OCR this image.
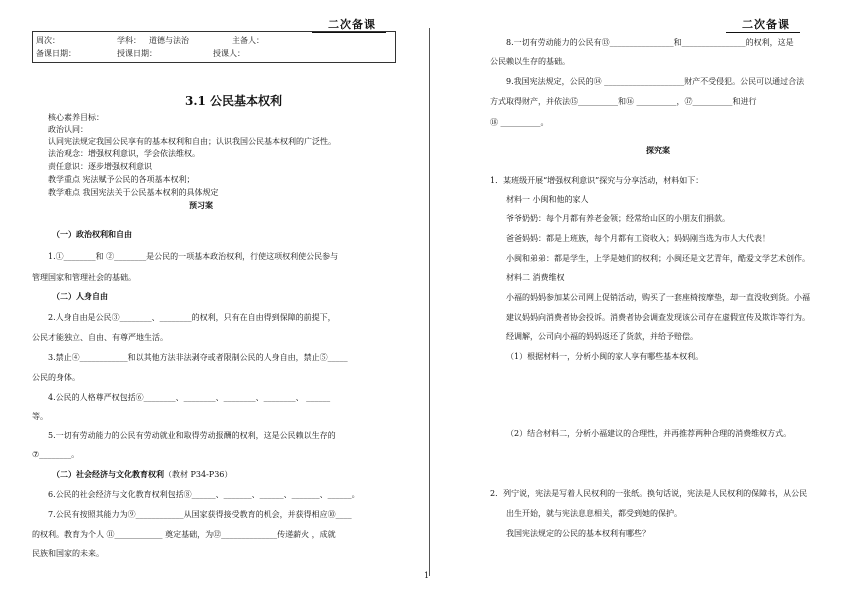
二次备课	二次备课
周次：	学科： 道德与法治	主备人：
备课日期：	授课日期：	授课人：
1
3.1 公民基本权利
核心素养目标：
政治认同：
认同宪法规定我国公民享有的基本权利和自由；认识我国公民基本权利的广泛性。
法治观念：增强权利意识，学会依法维权。
责任意识：逐步增强权利意识
教学重点 宪法赋予公民的各项基本权利；
教学难点 我国宪法关于公民基本权利的具体规定
预习案
（一）政治权利和自由
1.①________和 ②________是公民的一项基本政治权利，行使这项权利使公民参与
管理国家和管理社会的基础。
（二）人身自由
2.人身自由是公民③________、________的权利，只有在自由得到保障的前提下，
公民才能独立、自由、有尊严地生活。
3.禁止④____________和以其他方法非法剥夺或者限制公民的人身自由，禁止⑤_____
公民的身体。
4.公民的人格尊严权包括⑥________、________、________、________、 ______
等。
5.一切有劳动能力的公民有劳动就业和取得劳动报酬的权利，这是公民赖以生存的
⑦________。
（二）社会经济与文化教育权利（教材 P34-P36）
6.公民的社会经济与文化教育权利包括⑧______、_______、______、_______、______。
7.公民有按照其能力为⑨____________从国家获得接受教育的机会，并获得相应⑩____
的权利。教育为个人 ⑪____________ 奠定基础，为⑫______________传递薪火 ，成就
民族和国家的未来。
8.一切有劳动能力的公民有⑬________________和________________的权利，这是
公民赖以生存的基础。
9.我国宪法规定，公民的⑭ ____________________财产不受侵犯。公民可以通过合法
方式取得财产，并依法⑮__________和⑯ __________，⑰__________和进行
⑱ __________。
探究案
1．某班级开展“增强权利意识”探究与分享活动，材料如下：
材料一 小闽和他的家人
爷爷奶奶：每个月都有养老金领；经常给山区的小朋友们捐款。
爸爸妈妈：都是上班族，每个月都有工资收入；妈妈刚当选为市人大代表！
小闽和弟弟：都是学生，上学是她们的权利；小闽还是文艺青年，酷爱文学艺术创作。
材料二 消费维权
小福的妈妈参加某公司网上促销活动，购买了一套座椅按摩垫，却一直没收到货。小福
建议妈妈向消费者协会投诉。消费者协会调查发现该公司存在虚假宣传及欺诈等行为。
经调解，公司向小福的妈妈返还了货款，并给予赔偿。
（1）根据材料一，分析小闽的家人享有哪些基本权利。
（2）结合材料二，分析小福建议的合理性，并再推荐两种合理的消费维权方式。
2．列宁说，宪法是写着人民权利的一张纸。换句话说，宪法是人民权利的保障书，从公民
出生开始，就与宪法息息相关，都受到她的保护。
我国宪法规定的公民的基本权利有哪些？
